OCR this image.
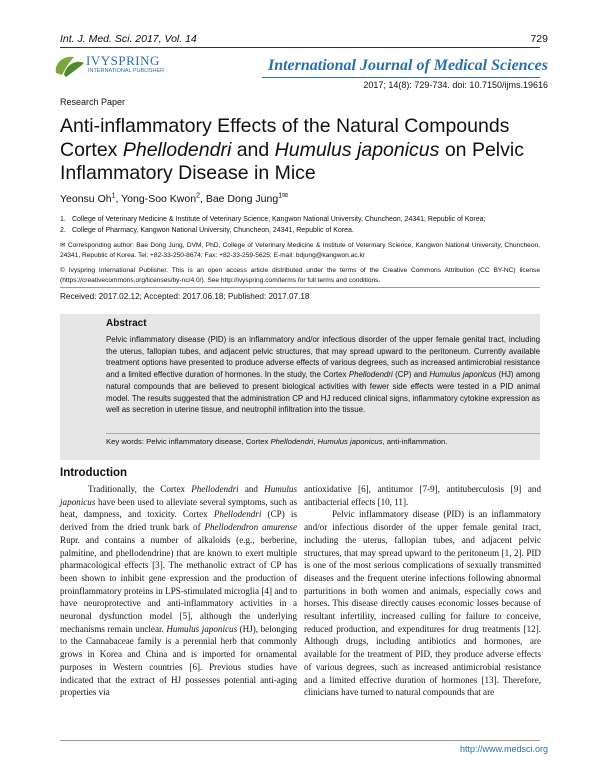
Int. J. Med. Sci. 2017, Vol. 14	729
IVYSPRING
INTERNATIONAL PUBLISHER	International Journal of Medical Sciences
2017; 14(8): 729-734. doi: 10.7150/ijms.19616
Research Paper
Anti-inflammatory Effects of the Natural Compounds Cortex Phellodendri and Humulus japonicus on Pelvic Inflammatory Disease in Mice
Yeonsu Oh$^1$, Yong-Soo Kwon$^2$, Bae Dong Jung$^{1✉}$
1. College of Veterinary Medicine & Institute of Veterinary Science, Kangwon National University, Chuncheon, 24341, Republic of Korea;
2. College of Pharmacy, Kangwon National University, Chuncheon, 24341, Republic of Korea.
✉ Corresponding author: Bae Dong Jung, DVM, PhD, College of Veterinary Medicine & Institute of Veterinary Science, Kangwon National University, Chuncheon, 24341, Republic of Korea. Tel: +82-33-250-8674; Fax: +82-33-259-5625; E-mail: bdjung@kangwon.ac.kr
© Ivyspring International Publisher. This is an open access article distributed under the terms of the Creative Commons Attribution (CC BY-NC) license (https://creativecommons.org/licenses/by-nc/4.0/). See http://ivyspring.com/terms for full terms and conditions.
Received: 2017.02.12; Accepted: 2017.06.18; Published: 2017.07.18
Abstract
Pelvic inflammatory disease (PID) is an inflammatory and/or infectious disorder of the upper female genital tract, including the uterus, fallopian tubes, and adjacent pelvic structures, that may spread upward to the peritoneum. Currently available treatment options have presented to produce adverse effects of various degrees, such as increased antimicrobial resistance and a limited effective duration of hormones. In the study, the Cortex Phellodendri (CP) and Humulus japonicus (HJ) among natural compounds that are believed to present biological activities with fewer side effects were tested in a PID animal model. The results suggested that the administration CP and HJ reduced clinical signs, inflammatory cytokine expression as well as secretion in uterine tissue, and neutrophil infiltration into the tissue.
Key words: Pelvic inflammatory disease, Cortex Phellodendri, Humulus japonicus, anti-inflammation.
Introduction

Traditionally, the Cortex Phellodendri and Humulus japonicus have been used to alleviate several symptoms, such as heat, dampness, and toxicity. Cortex Phellodendri (CP) is derived from the dried trunk bark of Phellodendron amurense Rupr. and contains a number of alkaloids (e.g., berberine, palmitine, and phellodendrine) that are known to exert multiple pharmacological effects [3]. The methanolic extract of CP has been shown to inhibit gene expression and the production of proinflammatory proteins in LPS-stimulated microglia [4] and to have neuroprotective and anti-inflammatory activities in a neuronal dysfunction model [5], although the underlying mechanisms remain unclear. Humulus japonicus (HJ), belonging to the Cannabaceae family is a perennial herb that commonly grows in Korea and China and is imported for ornamental purposes in Western countries [6]. Previous studies have indicated that the extract of HJ possesses potential anti-aging properties via

antioxidative [6], antitumor [7-9], antituberculosis [9] and antibacterial effects [10, 11].

Pelvic inflammatory disease (PID) is an inflammatory and/or infectious disorder of the upper female genital tract, including the uterus, fallopian tubes, and adjacent pelvic structures, that may spread upward to the peritoneum [1, 2]. PID is one of the most serious complications of sexually transmitted diseases and the frequent uterine infections following abnormal parturitions in both women and animals, especially cows and horses. This disease directly causes economic losses because of resultant infertility, increased culling for failure to conceive, reduced production, and expenditures for drug treatments [12]. Although drugs, including antibiotics and hormones, are available for the treatment of PID, they produce adverse effects of various degrees, such as increased antimicrobial resistance and a limited effective duration of hormones [13]. Therefore, clinicians have turned to natural compounds that are

http://www.medsci.org
